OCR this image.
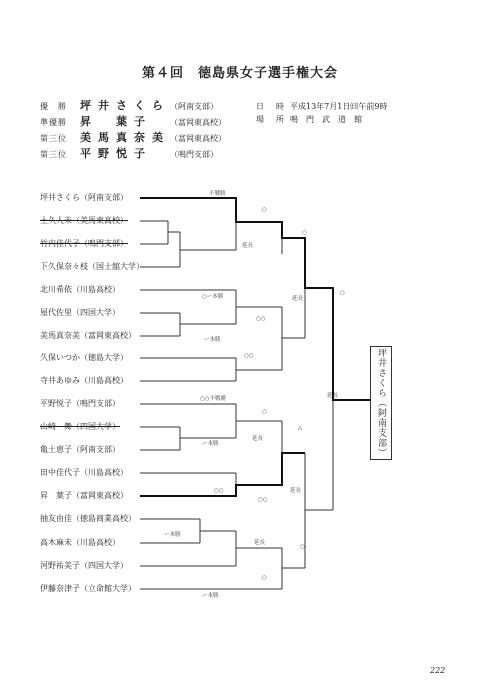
第４回　徳島県女子選手権大会
優　勝 坪井さくら（阿南支部）
準優勝 昇　葉子 （富岡東高校）
第三位 美馬真奈美（富岡東高校）
第三位 平野悦子 （鳴門支部）
日　時 平成13年7月1日㈰午前9時
場　所 鳴　門　武　道　館
坪井さくら（阿南支部）
土久人未（美馬東高校）
竹内佳代子（鳴門支部）
下久保奈々枝（国士舘大学）
北川希依（川島高校）
屋代佐里（四国大学）
美馬真奈美（富岡東高校）
久保いつか（徳島大学）
寺井あゆみ（川島高校）
平野悦子（鳴門支部）
山崎　舞（四国大学）
亀土恵子（阿南支部）
田中佳代子（川島高校）
昇　葉子（富岡東高校）
抽友由佳（徳島商業高校）
高木麻未（川島高校）
河野祐美子（四国大学）
伊藤奈津子（立命館大学）
不戦勝
○
延長
○
○ー本勝	延長
○
○○
ー本勝
○○
○○不戦勝	延長
○
延長
△
ー本勝
○○	延長
○○
ー本勝
延長
○
○
ー本勝
坪井さくら（阿南支部）
222
